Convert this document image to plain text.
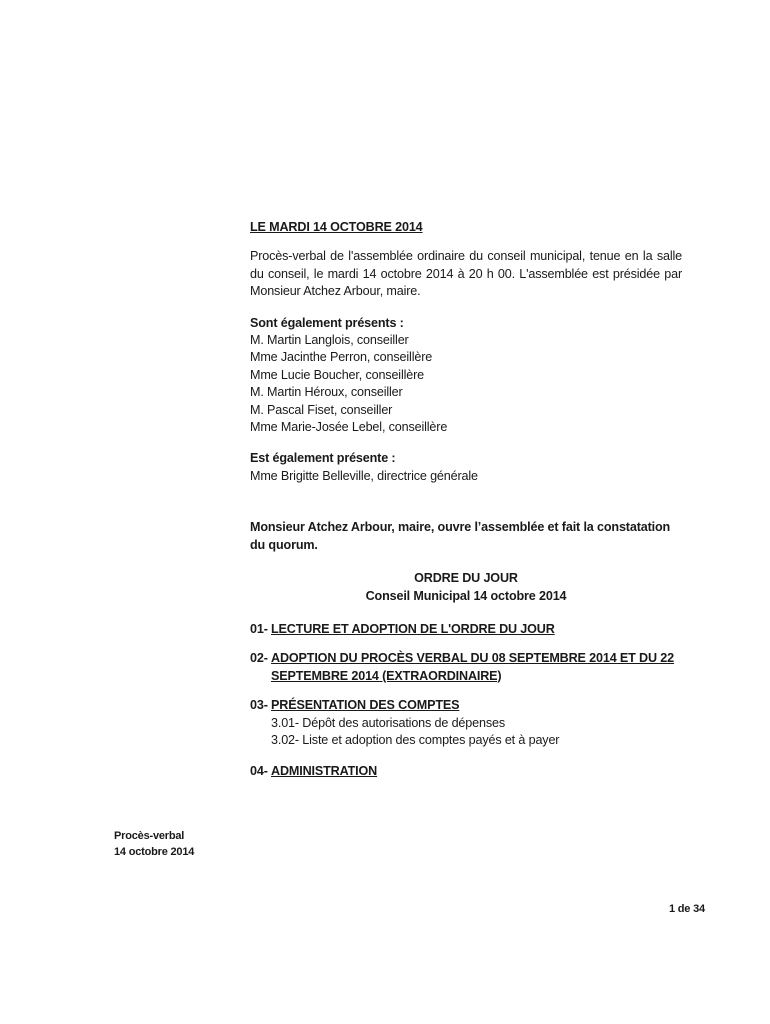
LE MARDI 14 OCTOBRE 2014
Procès-verbal de l'assemblée ordinaire du conseil municipal, tenue en la salle du conseil, le mardi 14 octobre 2014 à 20 h 00. L'assemblée est présidée par Monsieur Atchez Arbour, maire.
Sont également présents :
M. Martin Langlois, conseiller
Mme Jacinthe Perron, conseillère
Mme Lucie Boucher, conseillère
M. Martin Héroux, conseiller
M. Pascal Fiset, conseiller
Mme Marie-Josée Lebel, conseillère
Est également présente :
Mme Brigitte Belleville, directrice générale
Monsieur Atchez Arbour, maire, ouvre l’assemblée et fait la constatation du quorum.
ORDRE DU JOUR
Conseil Municipal 14 octobre 2014
01- LECTURE ET ADOPTION DE L'ORDRE DU JOUR
02- ADOPTION DU PROCÈS VERBAL DU 08 SEPTEMBRE 2014 ET DU 22 SEPTEMBRE 2014 (EXTRAORDINAIRE)
03- PRÉSENTATION DES COMPTES
3.01- Dépôt des autorisations de dépenses
3.02- Liste et adoption des comptes payés et à payer
04- ADMINISTRATION
Procès-verbal
14 octobre 2014
1 de 34
